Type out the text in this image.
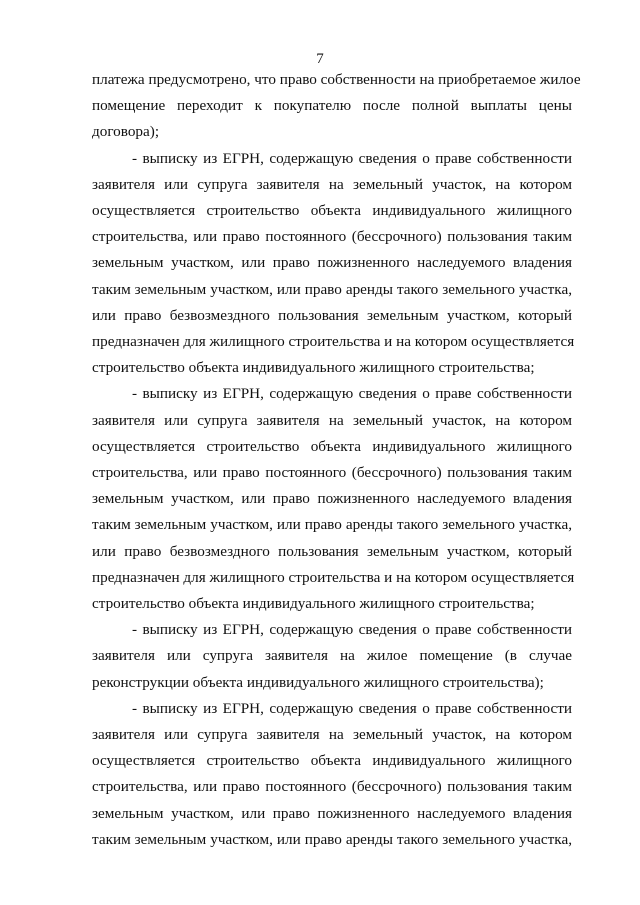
7
платежа предусмотрено, что право собственности на приобретаемое жилое
помещение переходит к покупателю после полной выплаты цены
договора);
- выписку из ЕГРН, содержащую сведения о праве собственности
заявителя или супруга заявителя на земельный участок, на котором
осуществляется строительство объекта индивидуального жилищного
строительства, или право постоянного (бессрочного) пользования таким
земельным участком, или право пожизненного наследуемого владения
таким земельным участком, или право аренды такого земельного участка,
или право безвозмездного пользования земельным участком, который
предназначен для жилищного строительства и на котором осуществляется
строительство объекта индивидуального жилищного строительства;
- выписку из ЕГРН, содержащую сведения о праве собственности
заявителя или супруга заявителя на земельный участок, на котором
осуществляется строительство объекта индивидуального жилищного
строительства, или право постоянного (бессрочного) пользования таким
земельным участком, или право пожизненного наследуемого владения
таким земельным участком, или право аренды такого земельного участка,
или право безвозмездного пользования земельным участком, который
предназначен для жилищного строительства и на котором осуществляется
строительство объекта индивидуального жилищного строительства;
- выписку из ЕГРН, содержащую сведения о праве собственности
заявителя или супруга заявителя на жилое помещение (в случае
реконструкции объекта индивидуального жилищного строительства);
- выписку из ЕГРН, содержащую сведения о праве собственности
заявителя или супруга заявителя на земельный участок, на котором
осуществляется строительство объекта индивидуального жилищного
строительства, или право постоянного (бессрочного) пользования таким
земельным участком, или право пожизненного наследуемого владения
таким земельным участком, или право аренды такого земельного участка,
